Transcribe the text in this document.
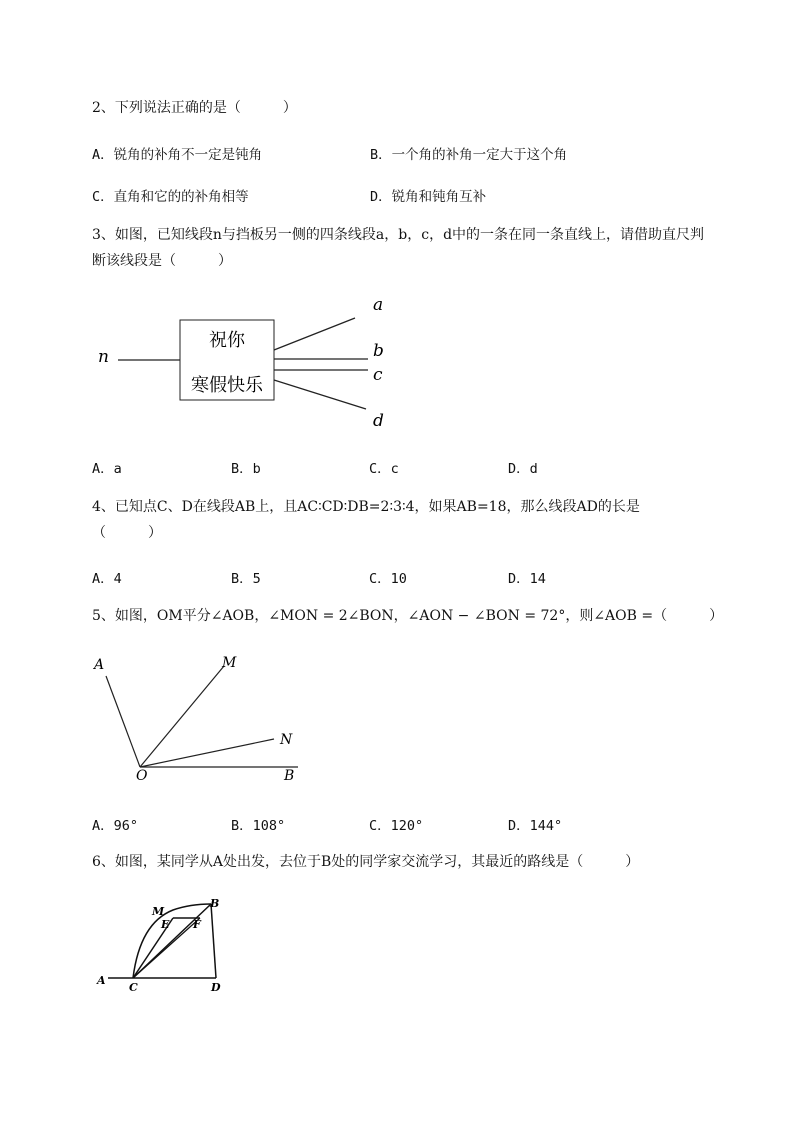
2、下列说法正确的是（　　　）
A．锐角的补角不一定是钝角	B．一个角的补角一定大于这个角
C．直角和它的的补角相等	D．锐角和钝角互补
3、如图，已知线段n与挡板另一侧的四条线段a，b，c，d中的一条在同一条直线上，请借助直尺判
断该线段是（　　　）
祝你
寒假快乐
n
a
b
c
d
A．a	B．b	C．c	D．d
4、已知点C、D在线段AB上，且AC∶CD∶DB=2∶3∶4，如果AB=18，那么线段AD的长是
（　　　）
A．4	B．5	C．10	D．14
5、如图，OM平分∠AOB，∠MON = 2∠BON，∠AON − ∠BON = 72°，则∠AOB =（　　　）
A	M
N
O	B
A．96°	B．108°	C．120°	D．144°
6、如图，某同学从A处出发，去位于B处的同学家交流学习，其最近的路线是（　　　）
A
C	D
B
M
E F
